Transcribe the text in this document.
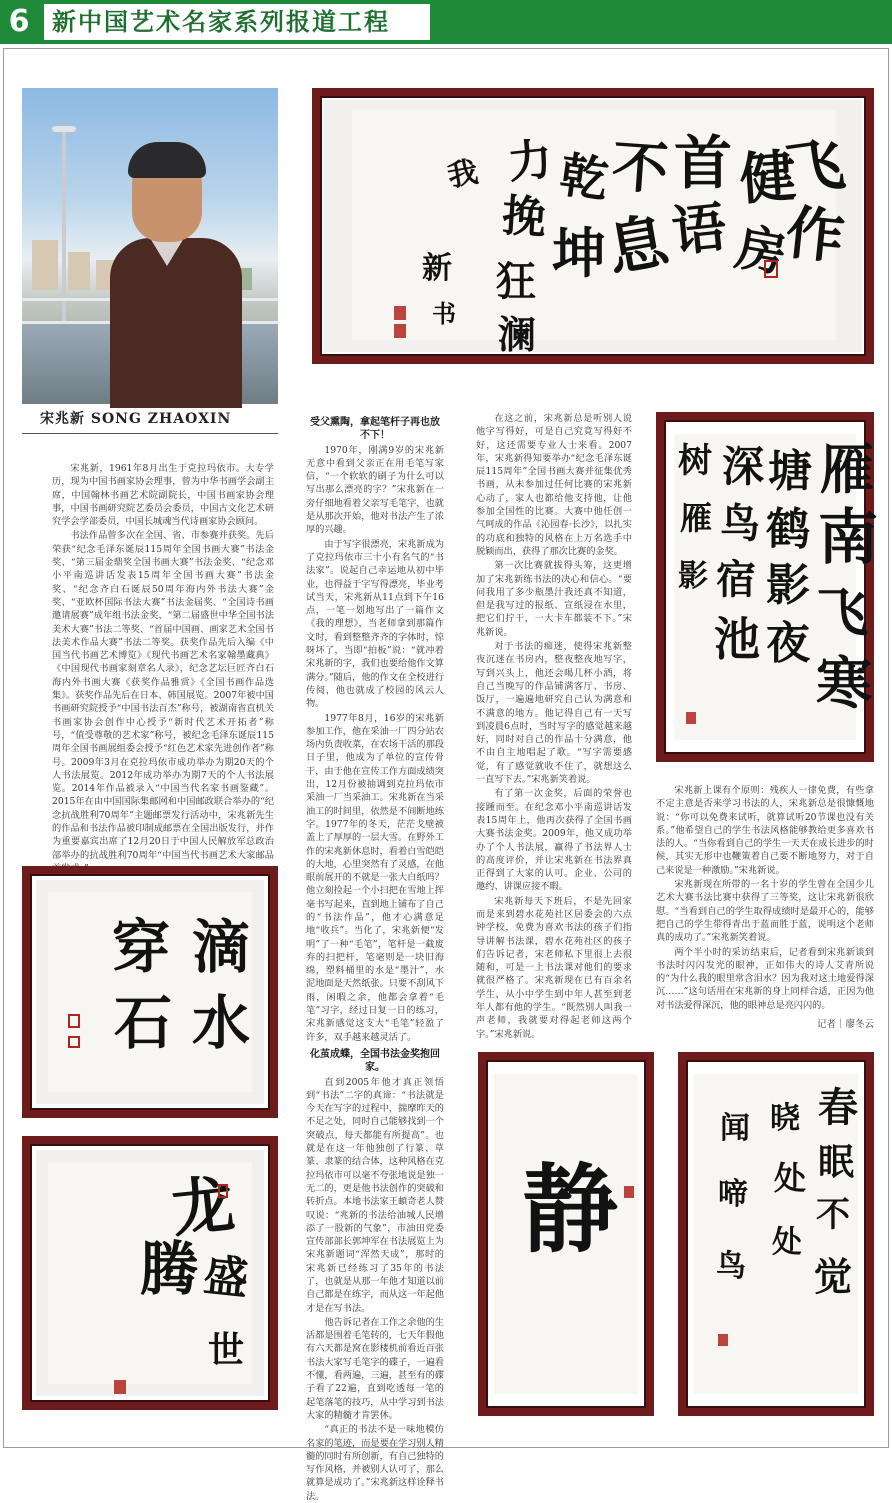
6 新中国艺术名家系列报道工程
宋兆新 SONG ZHAOXIN

宋兆新，1961年8月出生于克拉玛依市。大专学历，现为中国书画家协会理事，曾为中华书画学会副主席，中国翰林书画艺术院副院长，中国书画家协会理事，中国书画研究院艺委员会委员，中国古文化艺术研究学会学部委员，中国长城魂当代诗画家协会顾问。

书法作品曾多次在全国、省、市参赛并获奖。先后荣获“纪念毛泽东诞辰115周年全国书画大赛”书法金奖、“第三届金鼎奖全国书画大赛”书法金奖、“纪念邓小平南巡讲话发表15周年全国书画大赛”书法金奖、“纪念齐白石诞辰50周年海内外书法大赛”金奖、“亚欧杯国际书法大赛”书法金届奖、“全国诗书画邀请展赛”成年组书法金奖、“第二届盛世中华全国书法美术大赛”书法二等奖、“首届中国画、画家艺术全国书法美术作品大赛”书法二等奖。获奖作品先后入编《中国当代书画艺术博览》《现代书画艺术名家翰墨藏典》《中国现代书画家刻章名人录》，纪念艺坛巨匠齐白石海内外书画大赛《获奖作品雅赏》《全国书画作品选集》。获奖作品先后在日本、韩国展览。2007年被中国书画研究院授予“中国书法百杰”称号，被湖南省直机关书画家协会创作中心授予“新时代艺术开拓者”称号，“值受尊敬的艺术家”称号，被纪念毛泽东诞辰115周年全国书画展组委会授予“红色艺术家先进创作者”称号。2009年3月在克拉玛依市成功举办为期20天的个人书法展览。2012年成功举办为期7天的个人书法展览。2014年作品被录入“中国当代名家书画鉴藏”。2015年在由中国国际集邮网和中国邮政联合举办的“纪念抗战胜利70周年”主题邮票发行活动中，宋兆新先生的作品和书法作品被印制成邮票在全国出版发行，并作为重要嘉宾出席了12月20日于中国人民解放军总政治部举办的抗战胜利70周年“中国当代书画艺术大家邮品

受父熏陶，拿起笔杆子再也放不下！

1970年，刚满9岁的宋兆新无意中看到父亲正在用毛笔写家信，“一个软软的刷子为什么可以写出那么漂亮的字？”宋兆新在一旁仔细地看着父亲写毛笔字，也就是从那次开始，他对书法产生了浓厚的兴趣。

由于写字很漂亮，宋兆新成为了克拉玛依市三十小有名气的“书法家”。说起自己幸运地从初中毕业，也得益于字写得漂亮，毕业考试当天，宋兆新从11点到下午16点，一笔一划地写出了一篇作文《我的理想》，当老师拿到那篇作文时，看到整整齐齐的字体时，惊呀坏了，当即“拍板”说：“就冲着宋兆新的字，我们也要给他作文算满分。”随后，他的作文在全校进行传阅，他也就成了校园的风云人物。

1977年8月，16岁的宋兆新参加工作，他在采油一厂四分站农场内负责收菜，在农场干活的那段日子里，他成为了单位的宣传骨干，由于他在宣传工作方面成绩突出，12月份被抽调到克拉玛依市采油一厂当采油工。宋兆新在当采油工的时间里，依然是不间断地练字。1977年的冬天，茫茫戈壁被盖上了厚厚的一层大雪。在野外工作的宋兆新休息时，看着白雪皑皑的大地，心里突然有了灵感，在他眼前展开的不就是一张大白纸吗？他立刻捡起一个小扫把在雪地上挥毫书写起来，直到地上铺布了自己的“书法作品”，他才心满意足地“收兵”。当化了，宋兆新便“发明”了一种“毛笔”，笔杆是一截废弃的扫把杆，笔毫则是一块旧海绵，塑料桶里的水是“墨汁”，水泥地面是天然纸张。只要不刮风下雨，闲暇之余，他都会拿着“毛笔”习字，经过日复一日的练习，宋兆新感觉这支大“毛笔”轻盈了许多，双手越来越灵活了。

化茧成蝶，全国书法金奖抱回家。

直到2005年他才真正领悟到“书法”二字的真谛：“书法就是今天在写字的过程中，揣摩昨天的不足之处，同时自己能够找到一个突破点，每天都能有所提高”。也就是在这一年他独创了行篆、草篆、隶篆的结合体，这种风格在克拉玛依市可以毫不夸张地说是独一无二的，更是他书法创作的突破和转折点。本地书法家王頔奇老人赞叹说：“兆新的书法给油城人民增添了一股新的气象”，市油田党委宣传部部长郭坤军在书法展览上为宋兆新题词“浑然天成”，那时的宋兆新已经练习了35年的书法了，也就是从那一年他才知道以前自己都是在练字，而从这一年起他才是在写书法。

他告诉记者在工作之余他的生活都是围着毛笔转的，七天年假他有六天都是窝在影楼机前看近百张书法大家写毛笔字的碟子，一遍看不懂，看两遍，三遍，甚至有的碟子看了22遍，直到吃透每一笔的起笔落笔的技巧，从中学习到书法大家的精髓才肯罢休。

“真正的书法不是一味地模仿名家的笔迹，而是要在学习别人精髓的同时有所创新，有自己独特的写作风格，并被别人认可了，那么就算是成功了。”宋兆新这样诠释书法。

在这之前，宋兆新总是听别人说他字写得好，可是自己究竟写得好不好，这还需要专业人士来看。2007年，宋兆新得知要举办“纪念毛泽东诞辰115周年”全国书画大赛并征集优秀书画，从未参加过任何比赛的宋兆新心动了，家人也都给他支持他，让他参加全国性的比赛。大赛中他任创一气呵成的作品《沁园春·长沙》，以扎实的功底和独特的风格在上万名选手中脱颖而出，获得了那次比赛的金奖。

第一次比赛就拔得头筹，这更增加了宋兆新练书法的决心和信心。“要问我用了多少瓶墨汁我还真不知道，但是我写过的报纸、宣纸浸在水里，把它们拧干，一大卡车都装不下。”宋兆新说。

对于书法的痴迷，使得宋兆新整夜沉迷在书房内，整夜整夜地写字，写到兴头上，他还会喝几杯小酒，将自己当晚写的作品铺满客厅、书房、饭厅，一遍遍地研究自己认为满意和不满意的地方。他记得自己有一天写到凌晨6点时，当时写字的感觉越来越好，同时对自己的作品十分满意，他不由自主地唱起了歌。“写字需要感觉，有了感觉就收不住了，就想这么一直写下去。”宋兆新笑着说。

有了第一次金奖，后面的荣誉也接踵而至。在纪念邓小平南巡讲话发表15周年上，他再次获得了全国书画大赛书法金奖。2009年，他又成功举办了个人书法展，赢得了书法界人士的高度评价，并让宋兆新在书法界真正得到了大家的认可。企业、公司的邀约、讲课应接不暇。

宋兆新每天下班后，不是先回家而是来到碧水花苑社区居委会的六点钟学校，免费为喜欢书法的孩子们指导讲解书法课，碧水花苑社区的孩子们告诉记者，宋老师私下里很上去很随和，可是一上书法课对他们的要求就很严格了。宋兆新现在已有百余名学生，从小中学生到中年人甚至到老年人都有他的学生。“既然别人叫我一声老师，我就要对得起老师这两个字。”宋兆新说。

宋兆新上课有个原则：残疾人一律免费，有些拿不定主意是否来学习书法的人，宋兆新总是很慷慨地说：“你可以免费来试听，就算试听20节课也没有关系。”他希望自己的学生书法风格能够教给更多喜欢书法的人。“当你看到自己的学生一天天在成长进步的时候，其实无形中也鞭策着自己要不断地努力，对于自己来说是一种激励。”宋兆新说。

宋兆新现在所带的一名十岁的学生曾在全国少儿艺术大赛书法比赛中获得了三等奖，这让宋兆新很欣慰。“当看到自己的学生取得成绩时是最开心的，能够把自己的学生带得青出于蓝而胜于蓝，说明这个老师真的成功了。”宋兆新笑着说。

两个半小时的采访结束后，记者看到宋兆新谈到书法时闪闪发光的眼神，正如伟大的诗人艾青所说的“为什么我的眼里常含泪水？因为我对这土地爱得深沉……”这句话用在宋兆新的身上同样合适，正因为他对书法爱得深沉，他的眼神总是亮闪闪的。

记者｜廖冬云

飞
作
健
房
首
语
不
息
乾
坤
力
挽
狂
澜
我
新
书
雁
南
飞
寒
塘
鹤
影
夜
深
鸟
宿
池
树
雁
影
滴
水
穿
石
龙
腾 盛
世
静
春
眠
不
觉
晓
处
处
闻
啼
鸟
